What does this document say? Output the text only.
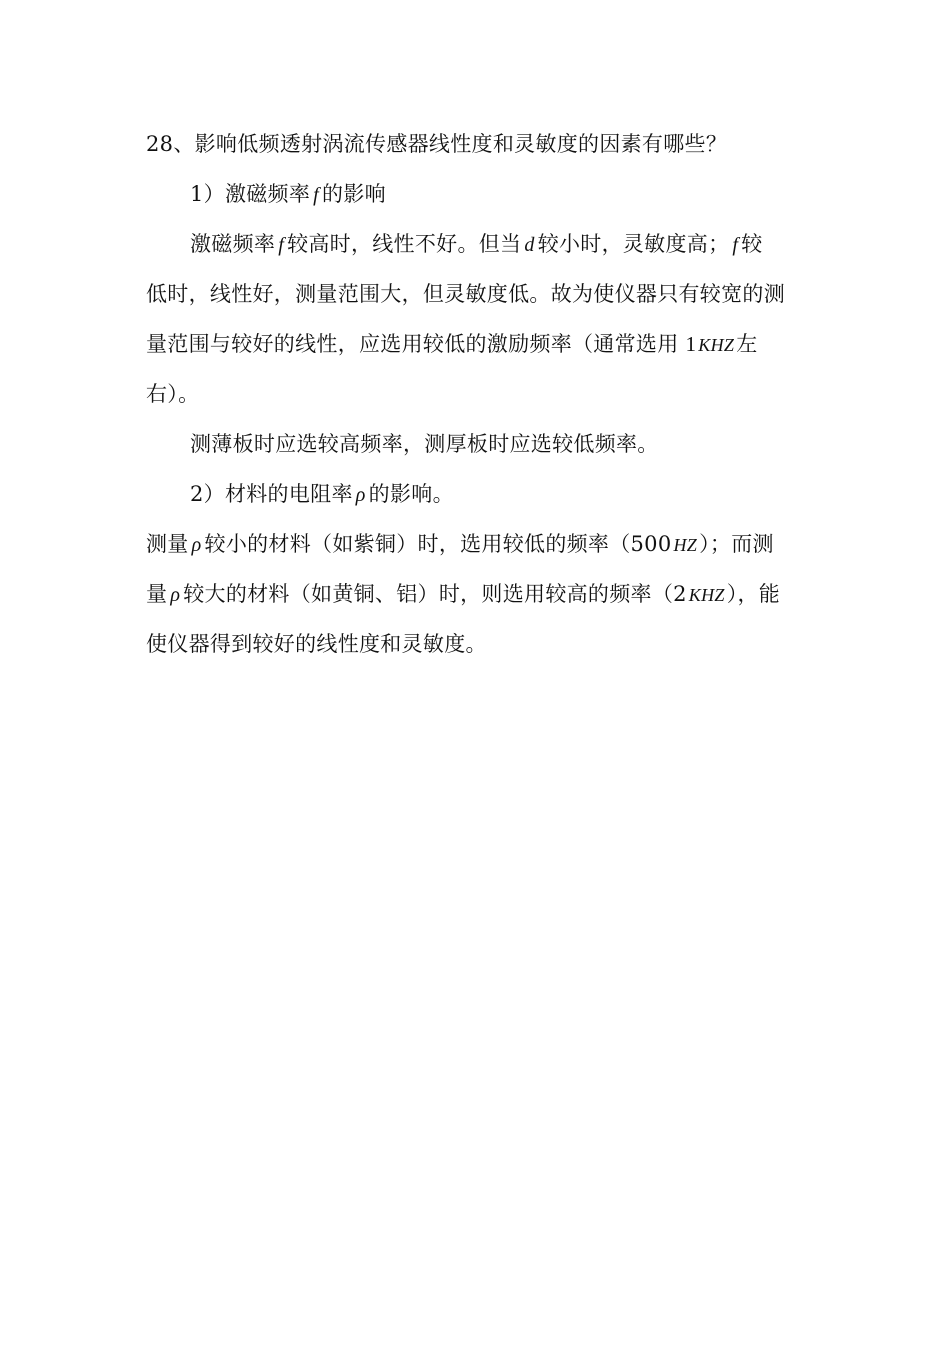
28、影响低频透射涡流传感器线性度和灵敏度的因素有哪些？
1）激磁频率 f 的影响
激磁频率 f 较高时，线性不好。但当 d 较小时，灵敏度高； f 较
低时，线性好，测量范围大，但灵敏度低。故为使仪器只有较宽的测
量范围与较好的线性，应选用较低的激励频率（通常选用 1 KHZ左
右）。
测薄板时应选较高频率，测厚板时应选较低频率。
2）材料的电阻率 ρ 的影响。
测量 ρ 较小的材料（如紫铜）时，选用较低的频率（500 HZ）；而测
量 ρ 较大的材料（如黄铜、铝）时，则选用较高的频率（2 KHZ），能
使仪器得到较好的线性度和灵敏度。
